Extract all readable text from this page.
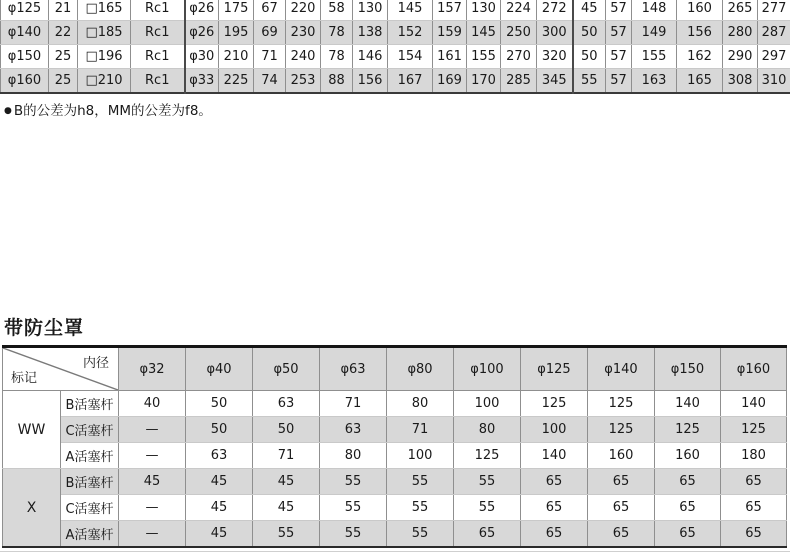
φ125	21	□165	Rc1	φ26	175	67	220	58	130	145	157	130	224	272	45	57	148	160	265	277
φ140	22	□185	Rc1	φ26	195	69	230	78	138	152	159	145	250	300	50	57	149	156	280	287
φ150	25	□196	Rc1	φ30	210	71	240	78	146	154	161	155	270	320	50	57	155	162	290	297
φ160	25	□210	Rc1	φ33	225	74	253	88	156	167	169	170	285	345	55	57	163	165	308	310

● B的公差为h8，MM的公差为f8。

带防尘罩
内径
标记		φ32	φ40	φ50	φ63	φ80	φ100	φ125	φ140	φ150	φ160
WW	B活塞杆	40	50	63	71	80	100	125	125	140	140
	C活塞杆	—	50	50	63	71	80	100	125	125	125
	A活塞杆	—	63	71	80	100	125	140	160	160	180
X	B活塞杆	45	45	45	55	55	55	65	65	65	65
	C活塞杆	—	45	45	55	55	55	65	65	65	65
	A活塞杆	—	45	55	55	55	65	65	65	65	65
